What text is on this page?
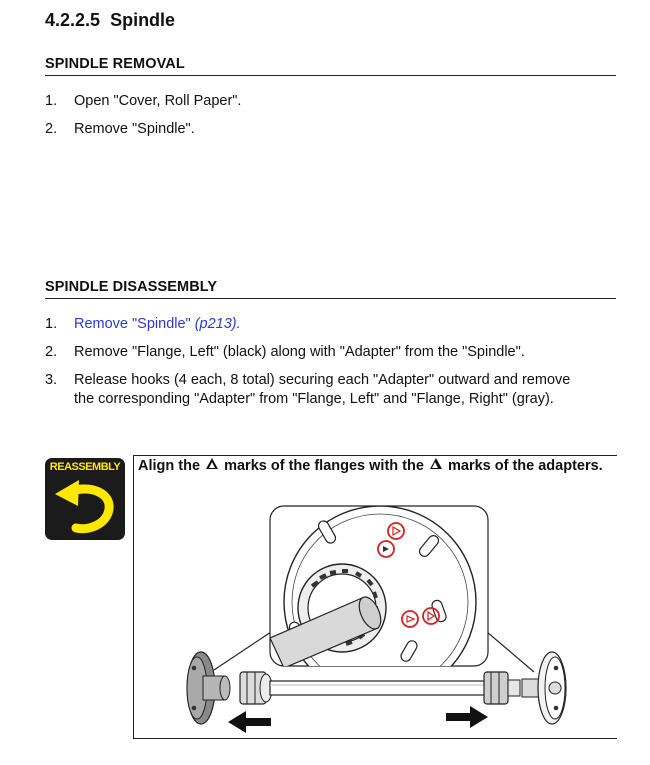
4.2.2.5 Spindle
SPINDLE REMOVAL
1. Open "Cover, Roll Paper".
2. Remove "Spindle".
SPINDLE DISASSEMBLY
1. Remove "Spindle" (p213).
2. Remove "Flange, Left" (black) along with "Adapter" from the "Spindle".
3. Release hooks (4 each, 8 total) securing each "Adapter" outward and remove the corresponding "Adapter" from "Flange, Left" and "Flange, Right" (gray).
REASSEMBLY	Align the marks of the flanges with the marks of the adapters.
